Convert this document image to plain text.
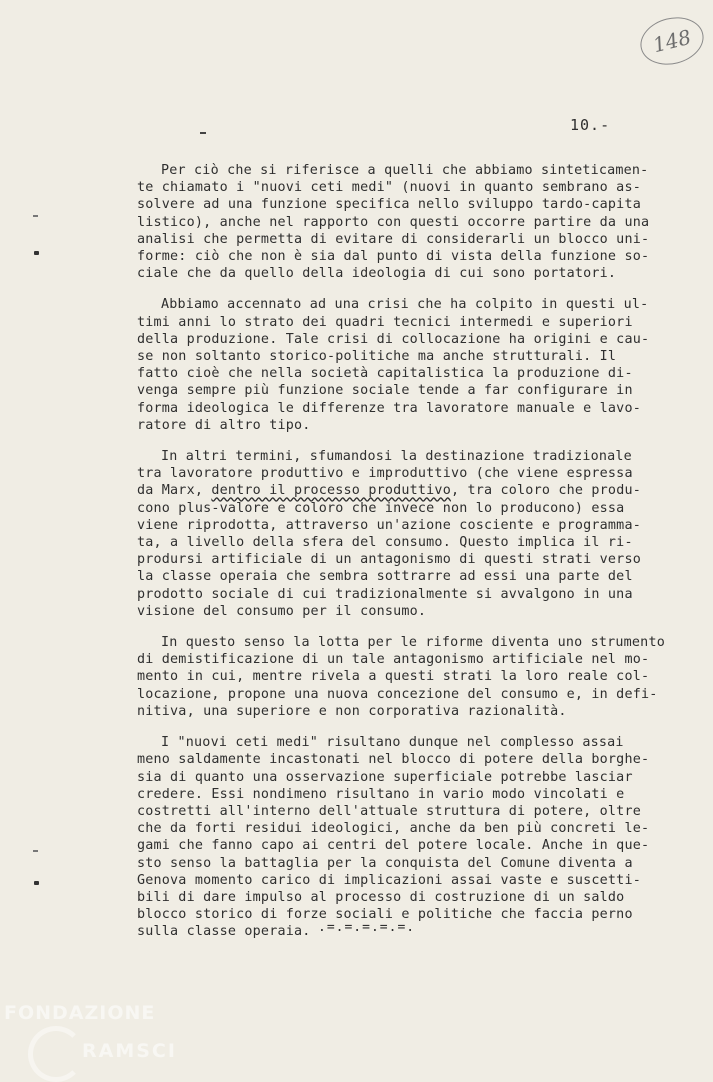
148
10.-

Per ciò che si riferisce a quelli che abbiamo sinteticamen-
te chiamato i "nuovi ceti medi" (nuovi in quanto sembrano as-
solvere ad una funzione specifica nello sviluppo tardo-capita
listico), anche nel rapporto con questi occorre partire da una
analisi che permetta di evitare di considerarli un blocco uni-
forme: ciò che non è sia dal punto di vista della funzione so-
ciale che da quello della ideologia di cui sono portatori.

Abbiamo accennato ad una crisi che ha colpito in questi ul-
timi anni lo strato dei quadri tecnici intermedi e superiori
della produzione. Tale crisi di collocazione ha origini e cau-
se non soltanto storico-politiche ma anche strutturali. Il
fatto cioè che nella società capitalistica la produzione di-
venga sempre più funzione sociale tende a far configurare in
forma ideologica le differenze tra lavoratore manuale e lavo-
ratore di altro tipo.

In altri termini, sfumandosi la destinazione tradizionale
tra lavoratore produttivo e improduttivo (che viene espressa
da Marx, dentro il processo produttivo, tra coloro che produ-
cono plus-valore e coloro che invece non lo producono) essa
viene riprodotta, attraverso un'azione cosciente e programma-
ta, a livello della sfera del consumo. Questo implica il ri-
prodursi artificiale di un antagonismo di questi strati verso
la classe operaia che sembra sottrarre ad essi una parte del
prodotto sociale di cui tradizionalmente si avvalgono in una
visione del consumo per il consumo.

In questo senso la lotta per le riforme diventa uno strumento
di demistificazione di un tale antagonismo artificiale nel mo-
mento in cui, mentre rivela a questi strati la loro reale col-
locazione, propone una nuova concezione del consumo e, in defi-
nitiva, una superiore e non corporativa razionalità.

I "nuovi ceti medi" risultano dunque nel complesso assai
meno saldamente incastonati nel blocco di potere della borghe-
sia di quanto una osservazione superficiale potrebbe lasciar
credere. Essi nondimeno risultano in vario modo vincolati e
costretti all'interno dell'attuale struttura di potere, oltre
che da forti residui ideologici, anche da ben più concreti le-
gami che fanno capo ai centri del potere locale. Anche in que-
sto senso la battaglia per la conquista del Comune diventa a
Genova momento carico di implicazioni assai vaste e suscetti-
bili di dare impulso al processo di costruzione di un saldo
blocco storico di forze sociali e politiche che faccia perno
sulla classe operaia. .=.=.=.=.=.
FONDAZIONE
RAMSCI
